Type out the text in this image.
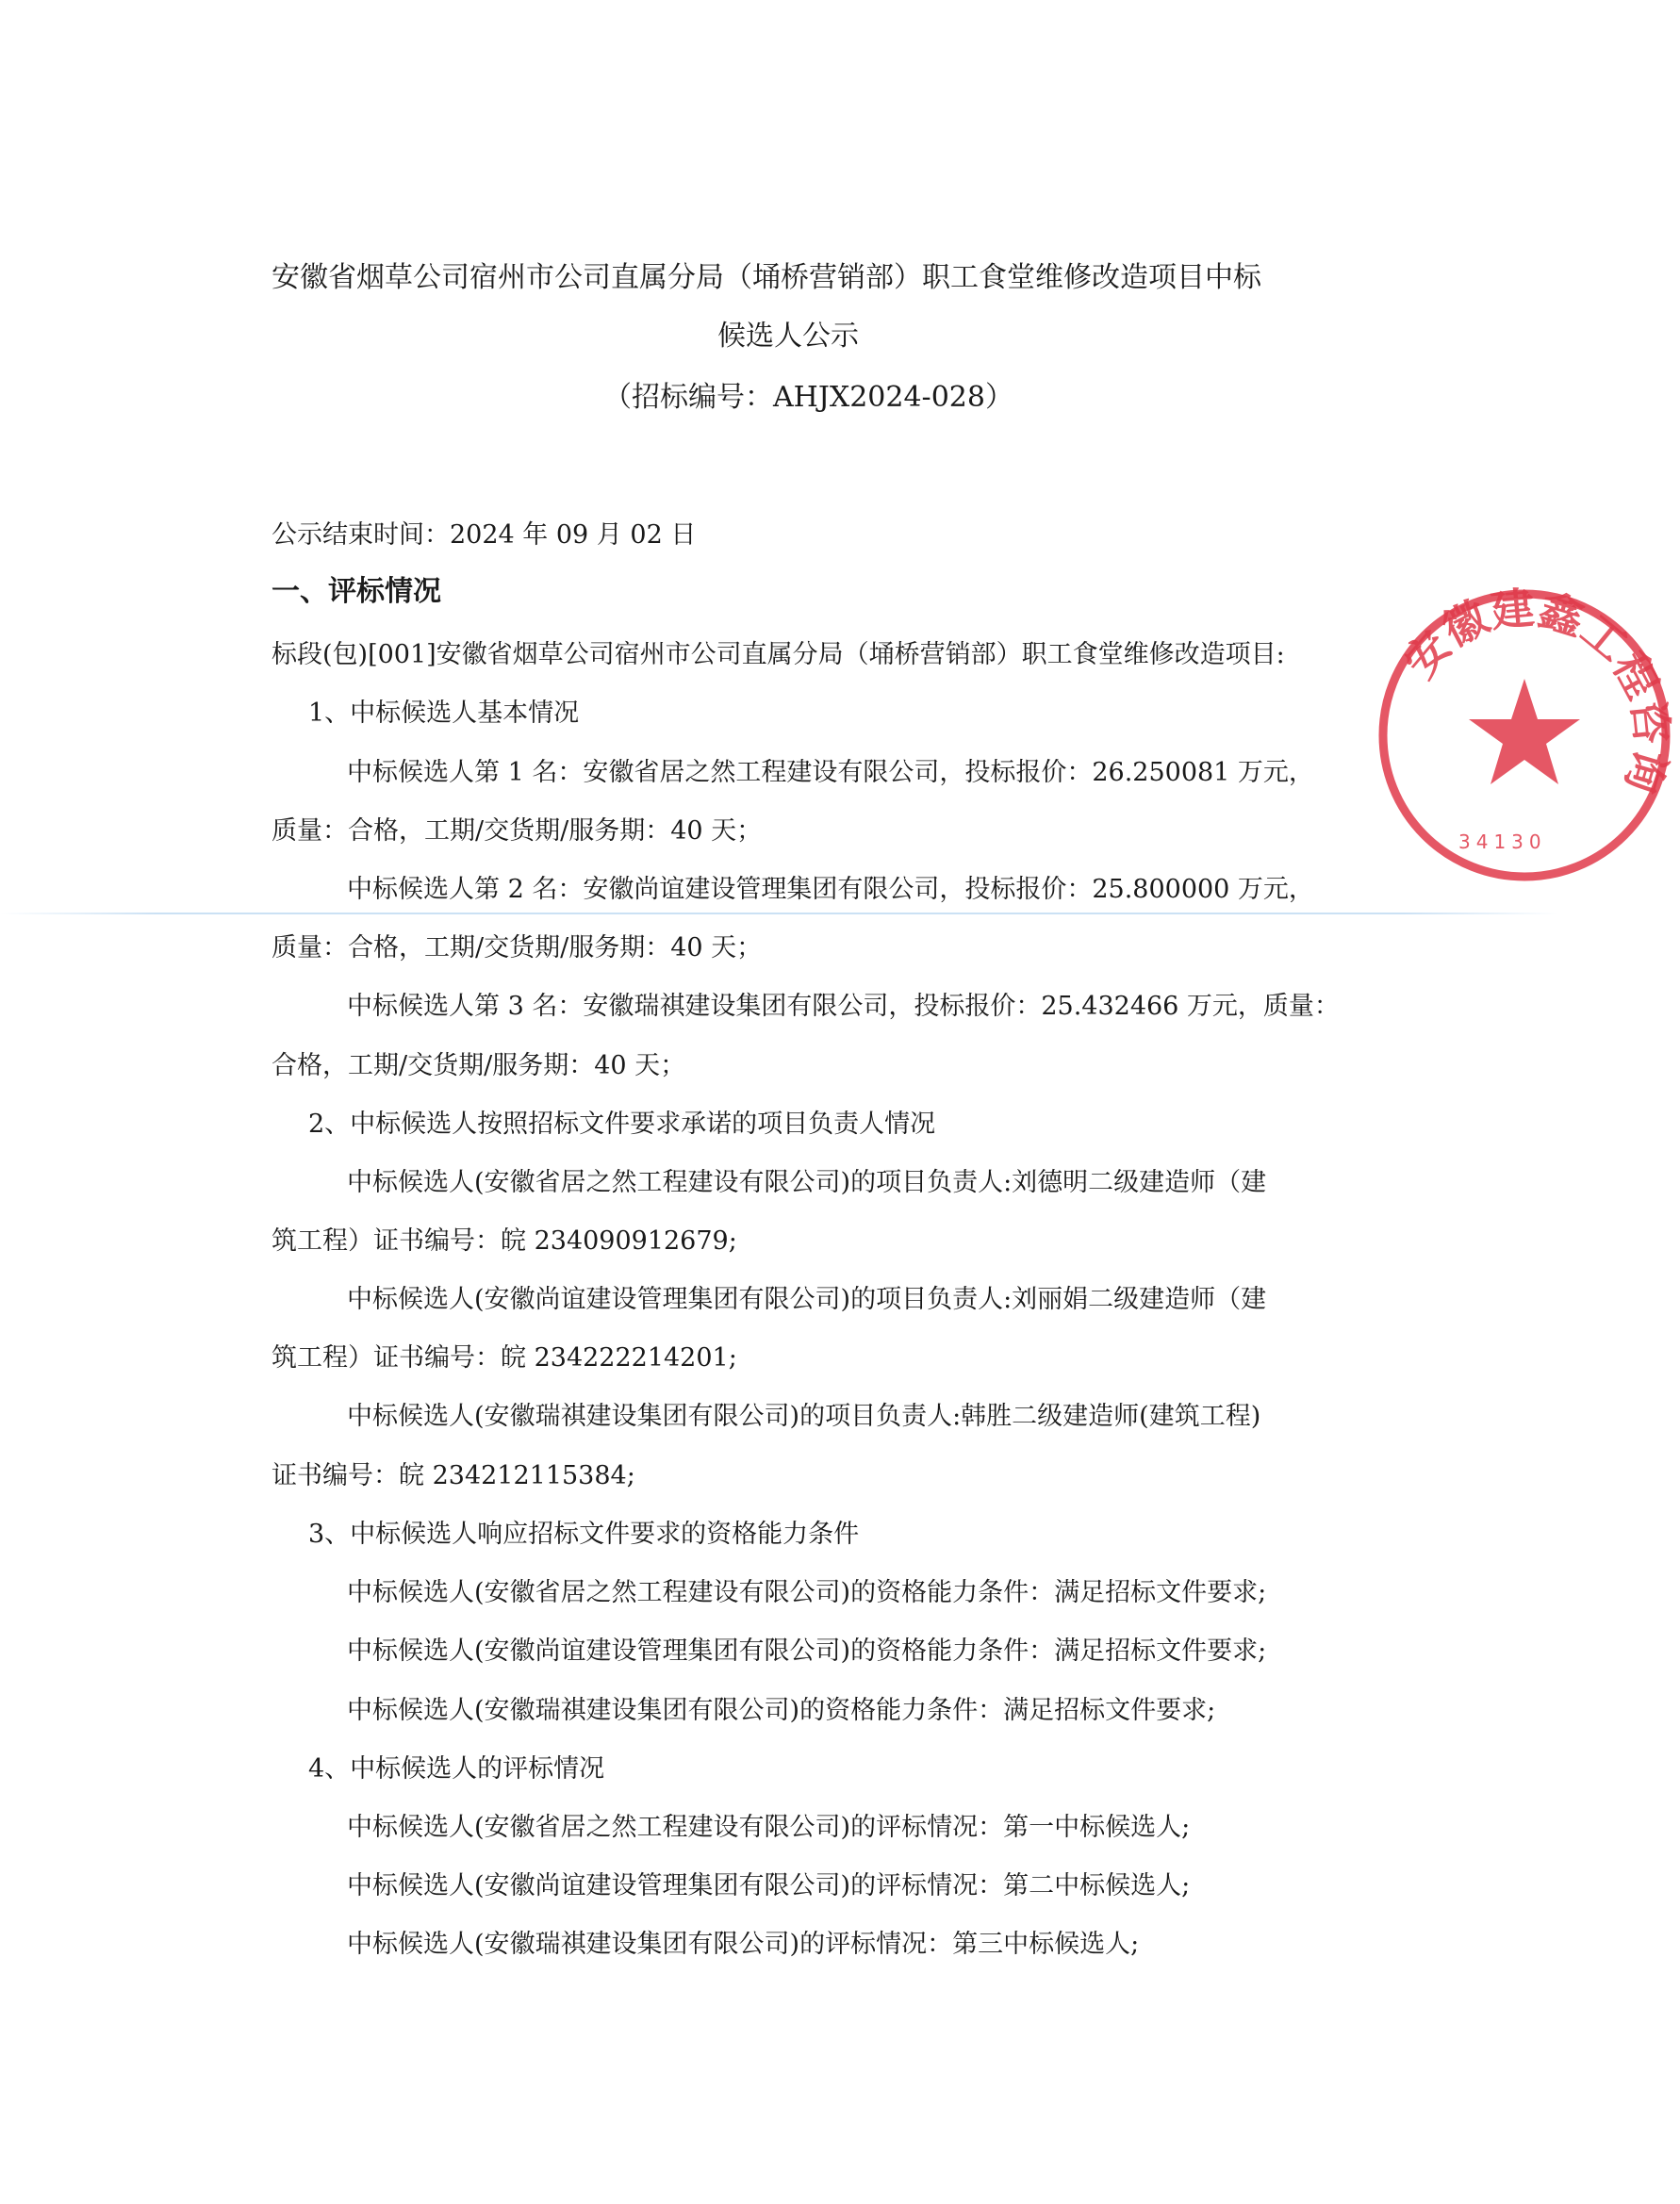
安徽省烟草公司宿州市公司直属分局（埇桥营销部）职工食堂维修改造项目中标
候选人公示
（招标编号：AHJX2024-028）
公示结束时间：2024 年 09 月 02 日
一、评标情况
标段(包)[001]安徽省烟草公司宿州市公司直属分局（埇桥营销部）职工食堂维修改造项目:
1、中标候选人基本情况
中标候选人第 1 名：安徽省居之然工程建设有限公司，投标报价：26.250081 万元，
质量：合格，工期/交货期/服务期：40 天；
中标候选人第 2 名：安徽尚谊建设管理集团有限公司，投标报价：25.800000 万元，
质量：合格，工期/交货期/服务期：40 天；
中标候选人第 3 名：安徽瑞祺建设集团有限公司，投标报价：25.432466 万元，质量：
合格，工期/交货期/服务期：40 天；
2、中标候选人按照招标文件要求承诺的项目负责人情况
中标候选人(安徽省居之然工程建设有限公司)的项目负责人:刘德明二级建造师（建
筑工程）证书编号：皖 234090912679;
中标候选人(安徽尚谊建设管理集团有限公司)的项目负责人:刘丽娟二级建造师（建
筑工程）证书编号：皖 234222214201;
中标候选人(安徽瑞祺建设集团有限公司)的项目负责人:韩胜二级建造师(建筑工程)
证书编号：皖 234212115384;
3、中标候选人响应招标文件要求的资格能力条件
中标候选人(安徽省居之然工程建设有限公司)的资格能力条件：满足招标文件要求;
中标候选人(安徽尚谊建设管理集团有限公司)的资格能力条件：满足招标文件要求;
中标候选人(安徽瑞祺建设集团有限公司)的资格能力条件：满足招标文件要求;
4、中标候选人的评标情况
中标候选人(安徽省居之然工程建设有限公司)的评标情况：第一中标候选人;
中标候选人(安徽尚谊建设管理集团有限公司)的评标情况：第二中标候选人;
中标候选人(安徽瑞祺建设集团有限公司)的评标情况：第三中标候选人;
安徽建鑫工程咨询
34130
